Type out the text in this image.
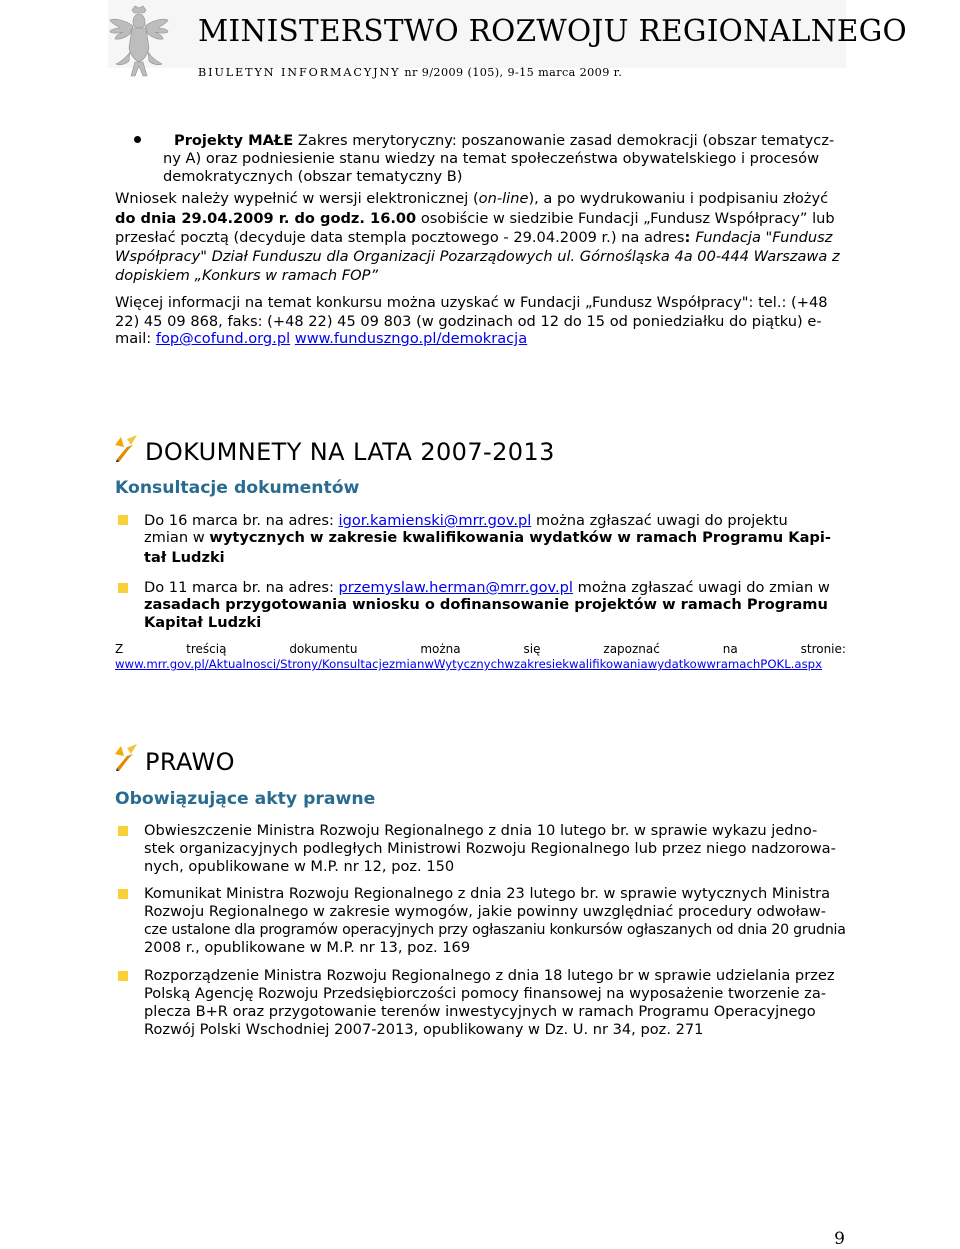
MINISTERSTWO ROZWOJU REGIONALNEGO
BIULETYN INFORMACYJNY nr 9/2009 (105), 9-15 marca 2009 r.
Projekty MAŁE Zakres merytoryczny: poszanowanie zasad demokracji (obszar tematycz-
ny A) oraz podniesienie stanu wiedzy na temat społeczeństwa obywatelskiego i procesów
demokratycznych (obszar tematyczny B)
Wniosek należy wypełnić w wersji elektronicznej (on-line), a po wydrukowaniu i podpisaniu złożyć
do dnia 29.04.2009 r. do godz. 16.00 osobiście w siedzibie Fundacji „Fundusz Współpracy” lub
przesłać pocztą (decyduje data stempla pocztowego - 29.04.2009 r.) na adres: Fundacja "Fundusz
Współpracy" Dział Funduszu dla Organizacji Pozarządowych ul. Górnośląska 4a 00-444 Warszawa z
dopiskiem „Konkurs w ramach FOP”
Więcej informacji na temat konkursu można uzyskać w Fundacji „Fundusz Współpracy": tel.: (+48
22) 45 09 868, faks: (+48 22) 45 09 803 (w godzinach od 12 do 15 od poniedziałku do piątku) e-
mail: fop@cofund.org.pl www.funduszngo.pl/demokracja
DOKUMNETY NA LATA 2007-2013
Konsultacje dokumentów
Do 16 marca br. na adres: igor.kamienski@mrr.gov.pl można zgłaszać uwagi do projektu
zmian w wytycznych w zakresie kwalifikowania wydatków w ramach Programu Kapi-
tał Ludzki
Do 11 marca br. na adres: przemyslaw.herman@mrr.gov.pl można zgłaszać uwagi do zmian w
zasadach przygotowania wniosku o dofinansowanie projektów w ramach Programu
Kapitał Ludzki
Z	treścią	dokumentu	można	się	zapoznać	na	stronie:
www.mrr.gov.pl/Aktualnosci/Strony/KonsultacjezmianwWytycznychwzakresiekwalifikowaniawydatkowwramachPOKL.aspx
PRAWO
Obowiązujące akty prawne
Obwieszczenie Ministra Rozwoju Regionalnego z dnia 10 lutego br. w sprawie wykazu jedno-
stek organizacyjnych podległych Ministrowi Rozwoju Regionalnego lub przez niego nadzorowa-
nych, opublikowane w M.P. nr 12, poz. 150
Komunikat Ministra Rozwoju Regionalnego z dnia 23 lutego br. w sprawie wytycznych Ministra
Rozwoju Regionalnego w zakresie wymogów, jakie powinny uwzględniać procedury odwoław-
cze ustalone dla programów operacyjnych przy ogłaszaniu konkursów ogłaszanych od dnia 20 grudnia
2008 r., opublikowane w M.P. nr 13, poz. 169
Rozporządzenie Ministra Rozwoju Regionalnego z dnia 18 lutego br w sprawie udzielania przez
Polską Agencję Rozwoju Przedsiębiorczości pomocy finansowej na wyposażenie tworzenie za-
plecza B+R oraz przygotowanie terenów inwestycyjnych w ramach Programu Operacyjnego
Rozwój Polski Wschodniej 2007-2013, opublikowany w Dz. U. nr 34, poz. 271
9
